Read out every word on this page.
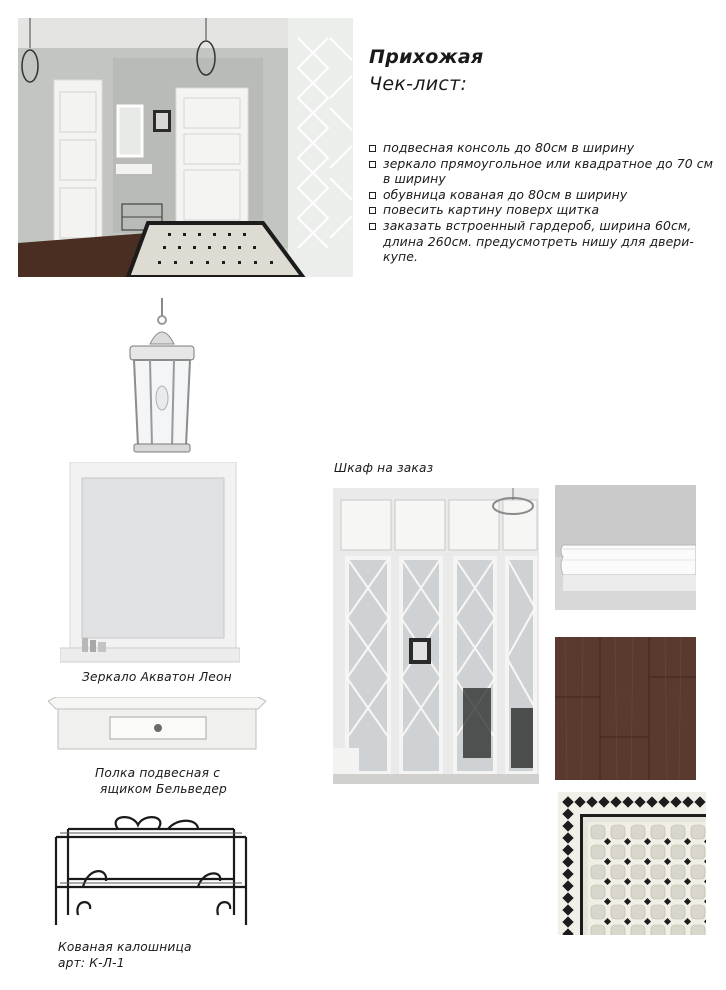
Прихожая
Чек-лист:
подвесная консоль до 80см в ширину
зеркало прямоугольное или квадратное до 70 см в ширину
обувница кованая до 80см в ширину
повесить картину поверх щитка
заказать встроенный гардероб, ширина 60см, длина 260см. предусмотреть нишу для двери-купе.
Зеркало Акватон Леон
Полка подвесная с
ящиком Бельведер
Кованая калошница
арт: К-Л-1
Шкаф на заказ
